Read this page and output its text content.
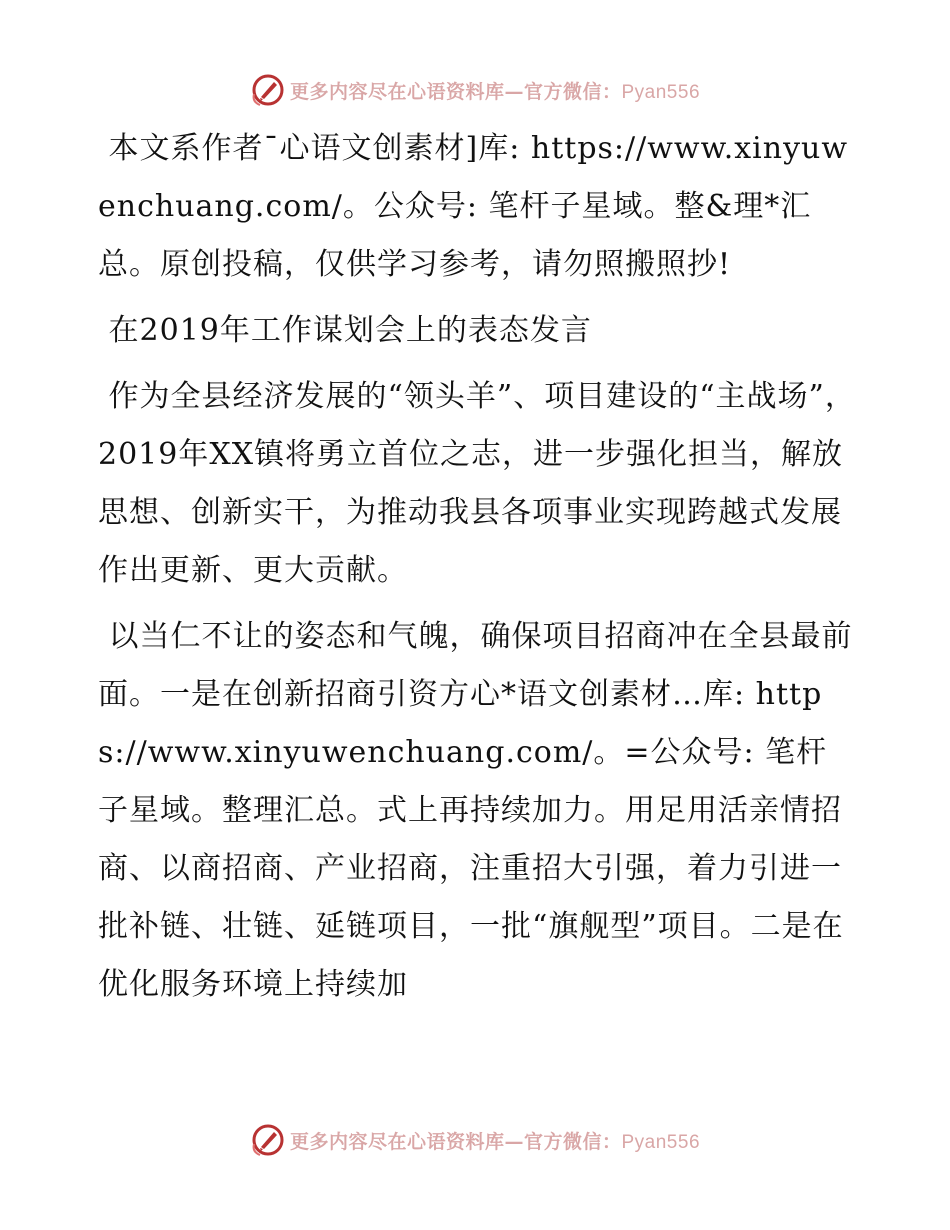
更多内容尽在心语资料库—官方微信：Pyan556

本文系作者¯心语文创素材]库: https://www.xinyuwenchuang.com/。公众号: 笔杆子星域。整&理*汇总。原创投稿，仅供学习参考，请勿照搬照抄!

在2019年工作谋划会上的表态发言

作为全县经济发展的“领头羊”、项目建设的“主战场”，2019年XX镇将勇立首位之志，进一步强化担当，解放思想、创新实干，为推动我县各项事业实现跨越式发展作出更新、更大贡献。

以当仁不让的姿态和气魄，确保项目招商冲在全县最前面。一是在创新招商引资方心*语文创素材…库: https://www.xinyuwenchuang.com/。=公众号: 笔杆子星域。整理汇总。式上再持续加力。用足用活亲情招商、以商招商、产业招商，注重招大引强，着力引进一批补链、壮链、延链项目，一批“旗舰型”项目。二是在优化服务环境上持续加

更多内容尽在心语资料库—官方微信：Pyan556
